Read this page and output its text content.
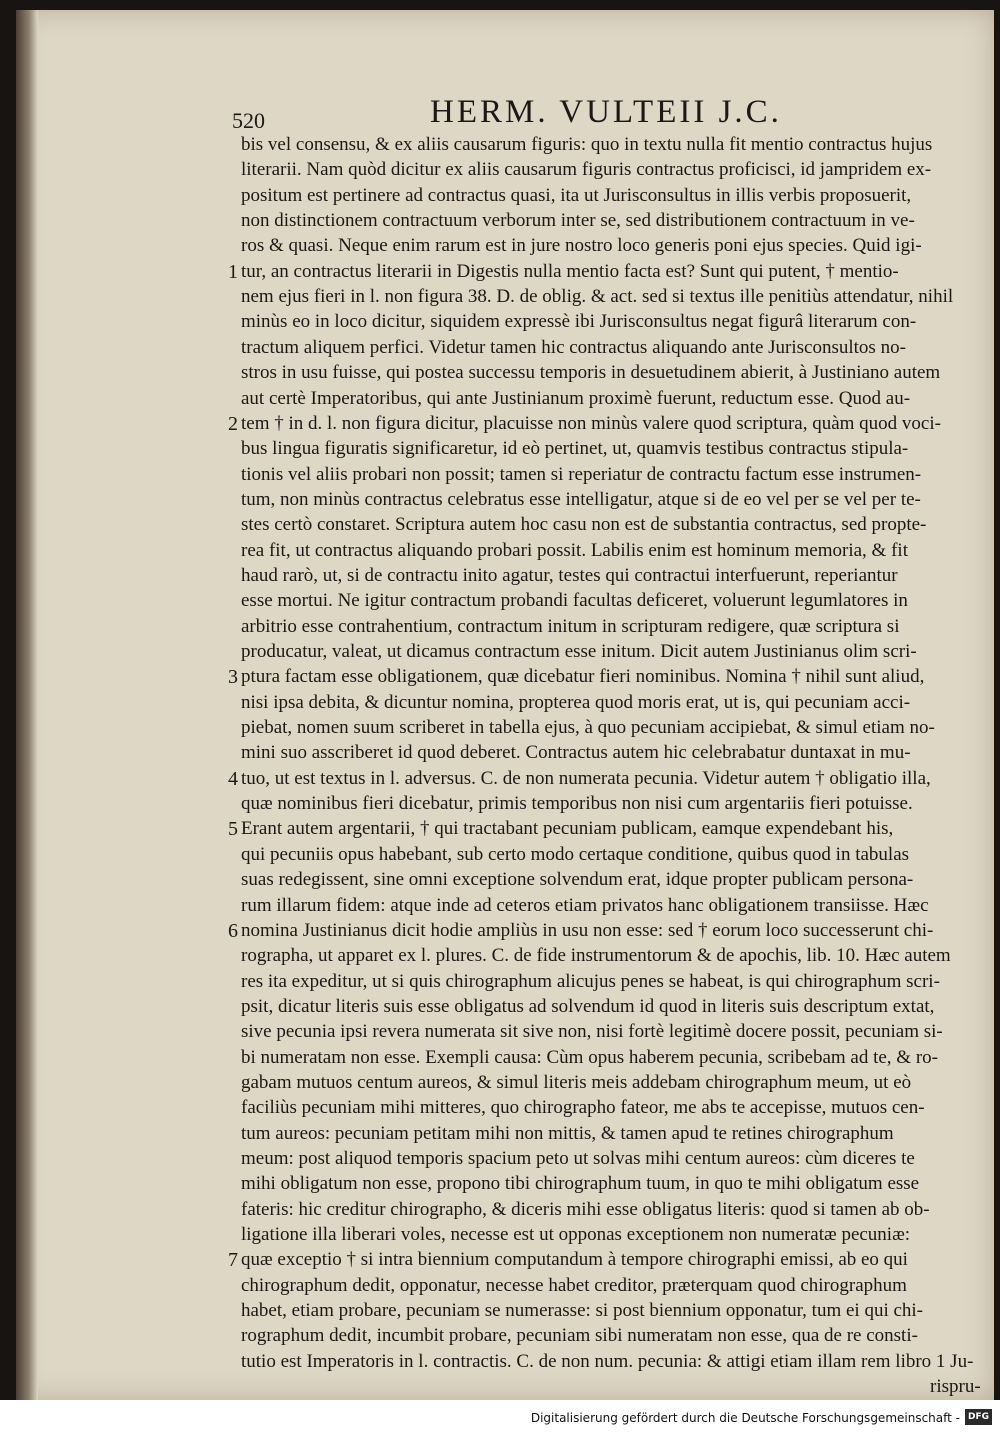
520	HERM. VULTEII J.C.
bis vel consensu, & ex aliis causarum figuris: quo in textu nulla fit mentio contractus hujus
literarii. Nam quòd dicitur ex aliis causarum figuris contractus proficisci, id jampridem ex-
positum est pertinere ad contractus quasi, ita ut Jurisconsultus in illis verbis proposuerit,
non distinctionem contractuum verborum inter se, sed distributionem contractuum in ve-
ros & quasi. Neque enim rarum est in jure nostro loco generis poni ejus species. Quid igi-
tur, an contractus literarii in Digestis nulla mentio facta est? Sunt qui putent, † mentio-
nem ejus fieri in l. non figura 38. D. de oblig. & act. sed si textus ille penitiùs attendatur, nihil
minùs eo in loco dicitur, siquidem expressè ibi Jurisconsultus negat figurâ literarum con-
tractum aliquem perfici. Videtur tamen hic contractus aliquando ante Jurisconsultos no-
stros in usu fuisse, qui postea successu temporis in desuetudinem abierit, à Justiniano autem
aut certè Imperatoribus, qui ante Justinianum proximè fuerunt, reductum esse. Quod au-
tem † in d. l. non figura dicitur, placuisse non minùs valere quod scriptura, quàm quod voci-
bus lingua figuratis significaretur, id eò pertinet, ut, quamvis testibus contractus stipula-
tionis vel aliis probari non possit; tamen si reperiatur de contractu factum esse instrumen-
tum, non minùs contractus celebratus esse intelligatur, atque si de eo vel per se vel per te-
stes certò constaret. Scriptura autem hoc casu non est de substantia contractus, sed propte-
rea fit, ut contractus aliquando probari possit. Labilis enim est hominum memoria, & fit
haud rarò, ut, si de contractu inito agatur, testes qui contractui interfuerunt, reperiantur
esse mortui. Ne igitur contractum probandi facultas deficeret, voluerunt legumlatores in
arbitrio esse contrahentium, contractum initum in scripturam redigere, quæ scriptura si
producatur, valeat, ut dicamus contractum esse initum. Dicit autem Justinianus olim scri-
ptura factam esse obligationem, quæ dicebatur fieri nominibus. Nomina † nihil sunt aliud,
nisi ipsa debita, & dicuntur nomina, propterea quod moris erat, ut is, qui pecuniam acci-
piebat, nomen suum scriberet in tabella ejus, à quo pecuniam accipiebat, & simul etiam no-
mini suo asscriberet id quod deberet. Contractus autem hic celebrabatur duntaxat in mu-
tuo, ut est textus in l. adversus. C. de non numerata pecunia. Videtur autem † obligatio illa,
quæ nominibus fieri dicebatur, primis temporibus non nisi cum argentariis fieri potuisse.
Erant autem argentarii, † qui tractabant pecuniam publicam, eamque expendebant his,
qui pecuniis opus habebant, sub certo modo certaque conditione, quibus quod in tabulas
suas redegissent, sine omni exceptione solvendum erat, idque propter publicam persona-
rum illarum fidem: atque inde ad ceteros etiam privatos hanc obligationem transiisse. Hæc
nomina Justinianus dicit hodie ampliùs in usu non esse: sed † eorum loco successerunt chi-
rographa, ut apparet ex l. plures. C. de fide instrumentorum & de apochis, lib. 10. Hæc autem
res ita expeditur, ut si quis chirographum alicujus penes se habeat, is qui chirographum scri-
psit, dicatur literis suis esse obligatus ad solvendum id quod in literis suis descriptum extat,
sive pecunia ipsi revera numerata sit sive non, nisi fortè legitimè docere possit, pecuniam si-
bi numeratam non esse. Exempli causa: Cùm opus haberem pecunia, scribebam ad te, & ro-
gabam mutuos centum aureos, & simul literis meis addebam chirographum meum, ut eò
faciliùs pecuniam mihi mitteres, quo chirographo fateor, me abs te accepisse, mutuos cen-
tum aureos: pecuniam petitam mihi non mittis, & tamen apud te retines chirographum
meum: post aliquod temporis spacium peto ut solvas mihi centum aureos: cùm diceres te
mihi obligatum non esse, propono tibi chirographum tuum, in quo te mihi obligatum esse
fateris: hic creditur chirographo, & diceris mihi esse obligatus literis: quod si tamen ab ob-
ligatione illa liberari voles, necesse est ut opponas exceptionem non numeratæ pecuniæ:
quæ exceptio † si intra biennium computandum à tempore chirographi emissi, ab eo qui
chirographum dedit, opponatur, necesse habet creditor, præterquam quod chirographum
habet, etiam probare, pecuniam se numerasse: si post biennium opponatur, tum ei qui chi-
rographum dedit, incumbit probare, pecuniam sibi numeratam non esse, qua de re consti-
tutio est Imperatoris in l. contractis. C. de non num. pecunia: & attigi etiam illam rem libro 1 Ju-
rispru-
1
2
3
4
5
6
7
Digitalisierung gefördert durch die Deutsche Forschungsgemeinschaft - DFG
